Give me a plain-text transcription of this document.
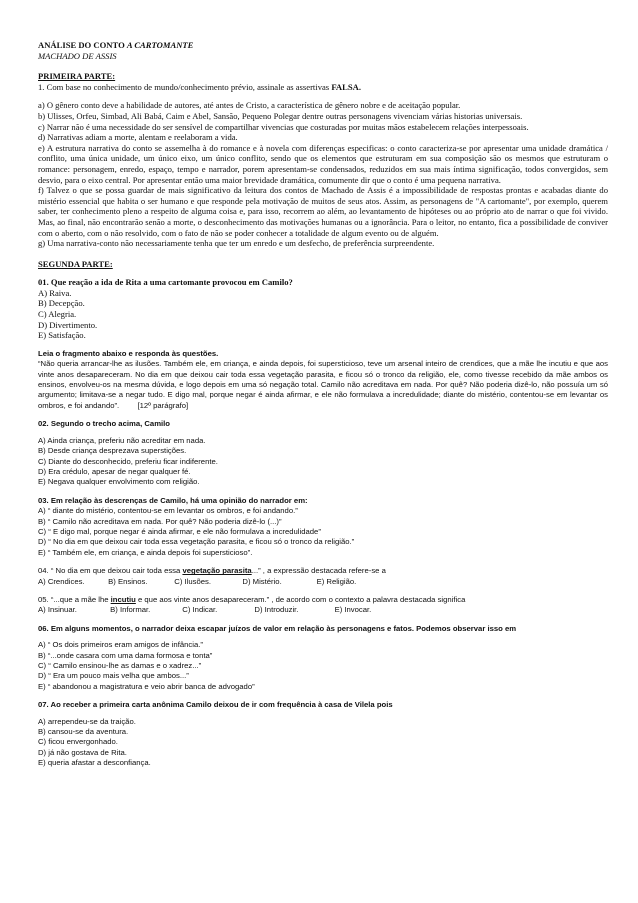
ANÁLISE DO CONTO A CARTOMANTE
MACHADO DE ASSIS
PRIMEIRA PARTE:
1. Com base no conhecimento de mundo/conhecimento prévio, assinale as assertivas FALSA.
a) O gênero conto deve a habilidade de autores, até antes de Cristo, a característica de gênero nobre e de aceitação popular.
b) Ulisses, Orfeu, Simbad, Ali Babá, Caim e Abel, Sansão, Pequeno Polegar dentre outras personagens vivenciam várias historias universais.
c) Narrar não é uma necessidade do ser sensível de compartilhar vivencias que costuradas por muitas mãos estabelecem relações interpessoais.
d) Narrativas adiam a morte, alentam e reelaboram a vida.
e) A estrutura narrativa do conto se assemelha à do romance e à novela com diferenças especificas: o conto caracteriza-se por apresentar uma unidade dramática / conflito, uma única unidade, um único eixo, um único conflito, sendo que os elementos que estruturam em sua composição são os mesmos que estruturam o romance: personagem, enredo, espaço, tempo e narrador, porem apresentam-se condensados, reduzidos em sua mais íntima significação, todos convergidos, sem desvio, para o eixo central. Por apresentar então uma maior brevidade dramática, comumente dir que o conto é uma pequena narrativa.
f) Talvez o que se possa guardar de mais significativo da leitura dos contos de Machado de Assis é a impossibilidade de respostas prontas e acabadas diante do mistério essencial que habita o ser humano e que responde pela motivação de muitos de seus atos. Assim, as personagens de "A cartomante", por exemplo, querem saber, ter conhecimento pleno a respeito de alguma coisa e, para isso, recorrem ao além, ao levantamento de hipóteses ou ao próprio ato de narrar o que foi vivido. Mas, ao final, não encontrarão senão a morte, o desconhecimento das motivações humanas ou a ignorância. Para o leitor, no entanto, fica a possibilidade de conviver com o aberto, com o não resolvido, com o fato de não se poder conhecer a totalidade de algum evento ou de alguém.
g) Uma narrativa-conto não necessariamente tenha que ter um enredo e um desfecho, de preferência surpreendente.
SEGUNDA PARTE:
01. Que reação a ida de Rita a uma cartomante provocou em Camilo?
A) Raiva.
B) Decepção.
C) Alegria.
D) Divertimento.
E) Satisfação.
Leia o fragmento abaixo e responda às questões.
“Não queria arrancar-lhe as ilusões. Também ele, em criança, e ainda depois, foi supersticioso, teve um arsenal inteiro de crendices, que a mãe lhe incutiu e que aos vinte anos desapareceram. No dia em que deixou cair toda essa vegetação parasita, e ficou só o tronco da religião, ele, como tivesse recebido da mãe ambos os ensinos, envolveu-os na mesma dúvida, e logo depois em uma só negação total. Camilo não acreditava em nada. Por quê? Não poderia dizê-lo, não possuía um só argumento; limitava-se a negar tudo. E digo mal, porque negar é ainda afirmar, e ele não formulava a incredulidade; diante do mistério, contentou-se em levantar os ombros, e foi andando”. [12º parágrafo]
02. Segundo o trecho acima, Camilo
A) Ainda criança, preferiu não acreditar em nada.
B) Desde criança desprezava superstições.
C) Diante do desconhecido, preferiu ficar indiferente.
D) Era crédulo, apesar de negar qualquer fé.
E) Negava qualquer envolvimento com religião.
03. Em relação às descrenças de Camilo, há uma opinião do narrador em:
A) “ diante do mistério, contentou-se em levantar os ombros, e foi andando.”
B) “ Camilo não acreditava em nada. Por quê? Não poderia dizê-lo (...)”
C) “ E digo mal, porque negar é ainda afirmar, e ele não formulava a incredulidade”
D) “ No dia em que deixou cair toda essa vegetação parasita, e ficou só o tronco da religião.”
E) “ Também ele, em criança, e ainda depois foi supersticioso”.
04. “ No dia em que deixou cair toda essa vegetação parasita...” , a expressão destacada refere-se a
A) Crendices.	B) Ensinos.	C) Ilusões.	D) Mistério.	E) Religião.
05. “...que a mãe lhe incutiu e que aos vinte anos desapareceram.” , de acordo com o contexto a palavra destacada significa
A) Insinuar.	B) Informar.	C) Indicar.	D) Introduzir.	E) Invocar.
06. Em alguns momentos, o narrador deixa escapar juízos de valor em relação às personagens e fatos. Podemos observar isso em
A) “ Os dois primeiros eram amigos de infância.”
B) “...onde casara com uma dama formosa e tonta”
C) “ Camilo ensinou-lhe as damas e o xadrez...”
D) “ Era um pouco mais velha que ambos...”
E) “ abandonou a magistratura e veio abrir banca de advogado”
07. Ao receber a primeira carta anônima Camilo deixou de ir com frequência à casa de Vilela pois
A) arrependeu-se da traição.
B) cansou-se da aventura.
C) ficou envergonhado.
D) já não gostava de Rita.
E) queria afastar a desconfiança.
